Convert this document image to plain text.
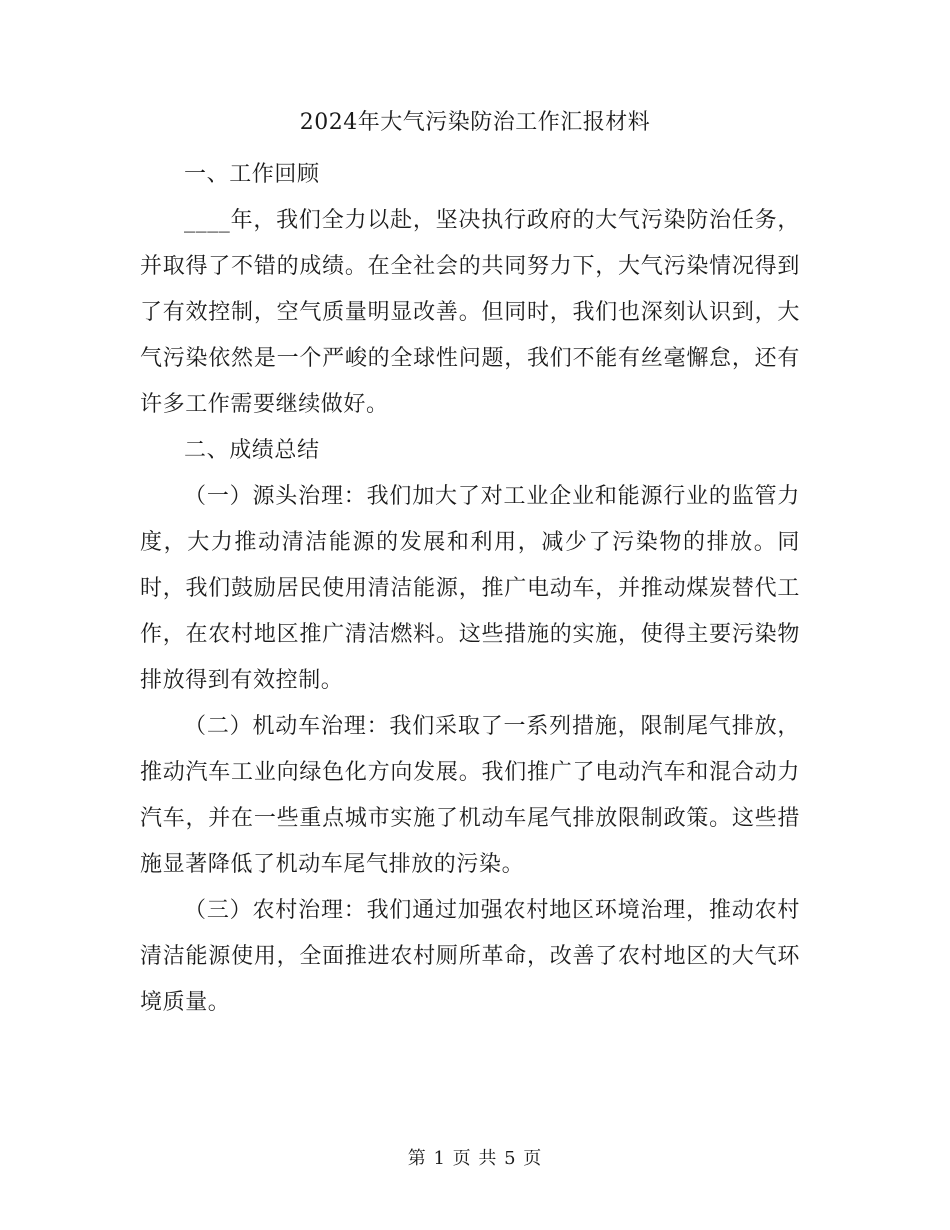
2024年大气污染防治工作汇报材料

一、工作回顾

____年，我们全力以赴，坚决执行政府的大气污染防治任务，并取得了不错的成绩。在全社会的共同努力下，大气污染情况得到了有效控制，空气质量明显改善。但同时，我们也深刻认识到，大气污染依然是一个严峻的全球性问题，我们不能有丝毫懈怠，还有许多工作需要继续做好。

二、成绩总结

（一）源头治理：我们加大了对工业企业和能源行业的监管力度，大力推动清洁能源的发展和利用，减少了污染物的排放。同时，我们鼓励居民使用清洁能源，推广电动车，并推动煤炭替代工作，在农村地区推广清洁燃料。这些措施的实施，使得主要污染物排放得到有效控制。

（二）机动车治理：我们采取了一系列措施，限制尾气排放，推动汽车工业向绿色化方向发展。我们推广了电动汽车和混合动力汽车，并在一些重点城市实施了机动车尾气排放限制政策。这些措施显著降低了机动车尾气排放的污染。

（三）农村治理：我们通过加强农村地区环境治理，推动农村清洁能源使用，全面推进农村厕所革命，改善了农村地区的大气环境质量。

第 1 页 共 5 页
